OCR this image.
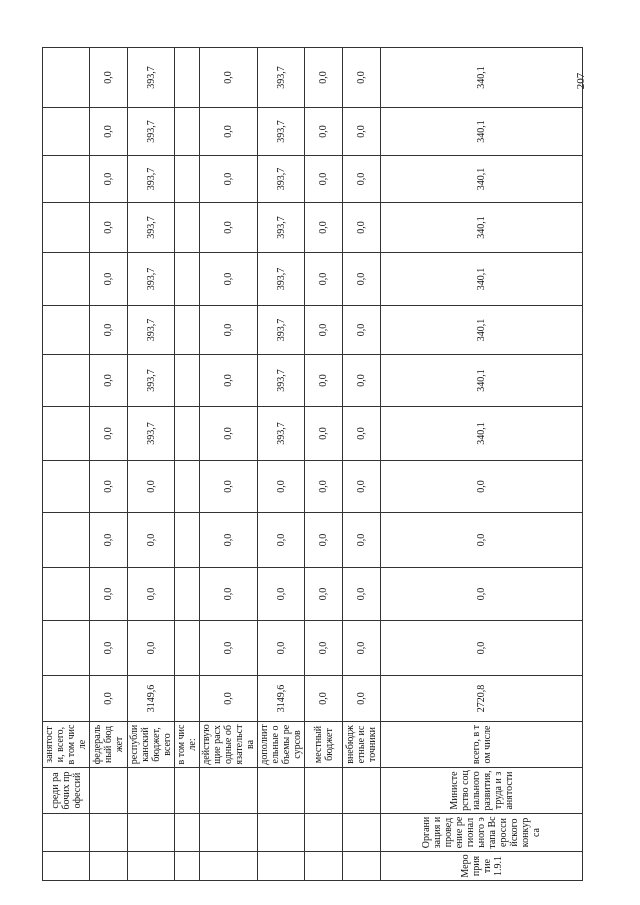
207
		среди рабочих профессий	занятости, всего, в том числе													
			федеральный бюджет	0,0	0,0	0,0	0,0	0,0	0,0	0,0	0,0	0,0	0,0	0,0	0,0	0,0
			республиканский бюджет, всего	3149,6	0,0	0,0	0,0	0,0	393,7	393,7	393,7	393,7	393,7	393,7	393,7	393,7
			в том числе:													
			действующие расходные обязательства	0,0	0,0	0,0	0,0	0,0	0,0	0,0	0,0	0,0	0,0	0,0	0,0	0,0
			дополнительные объемы ресурсов	3149,6	0,0	0,0	0,0	0,0	393,7	393,7	393,7	393,7	393,7	393,7	393,7	393,7
			местный бюджет	0,0	0,0	0,0	0,0	0,0	0,0	0,0	0,0	0,0	0,0	0,0	0,0	0,0
			внебюджетные источники	0,0	0,0	0,0	0,0	0,0	0,0	0,0	0,0	0,0	0,0	0,0	0,0	0,0
Мероприятие 1.9.1	Организация и проведение регионального этапа Всероссийского конкурса	Министерство социального развития, труда и занятости	всего, в том числе	2720,8	0,0	0,0	0,0	0,0	340,1	340,1	340,1	340,1	340,1	340,1	340,1	340,1
